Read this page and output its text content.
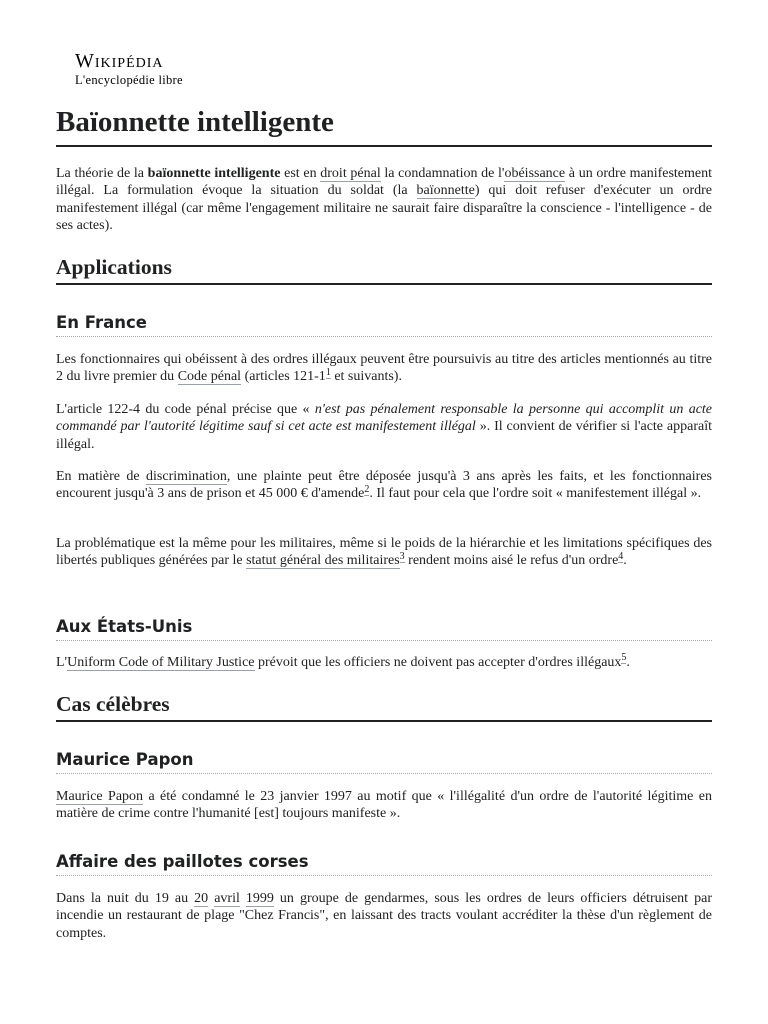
Wikipédia
L'encyclopédie libre
Baïonnette intelligente

La théorie de la baïonnette intelligente est en droit pénal la condamnation de l'obéissance à un ordre manifestement illégal. La formulation évoque la situation du soldat (la baïonnette) qui doit refuser d'exécuter un ordre manifestement illégal (car même l'engagement militaire ne saurait faire disparaître la conscience - l'intelligence - de ses actes).

Applications
En France

Les fonctionnaires qui obéissent à des ordres illégaux peuvent être poursuivis au titre des articles mentionnés au titre 2 du livre premier du Code pénal (articles $121-1^1$ et suivants).

L'article 122-4 du code pénal précise que « n'est pas pénalement responsable la personne qui accomplit un acte commandé par l'autorité légitime sauf si cet acte est manifestement illégal ». Il convient de vérifier si l'acte apparaît illégal.

En matière de discrimination, une plainte peut être déposée jusqu'à 3 ans après les faits, et les fonctionnaires encourent jusqu'à 3 ans de prison et 45 000 € d'amende$^2$. Il faut pour cela que l'ordre soit « manifestement illégal ».

La problématique est la même pour les militaires, même si le poids de la hiérarchie et les limitations spécifiques des libertés publiques générées par le statut général des militaires$^3$ rendent moins aisé le refus d'un ordre$^4$.

Aux États-Unis

L'Uniform Code of Military Justice prévoit que les officiers ne doivent pas accepter d'ordres illégaux$^5$.

Cas célèbres
Maurice Papon

Maurice Papon a été condamné le 23 janvier 1997 au motif que « l'illégalité d'un ordre de l'autorité légitime en matière de crime contre l'humanité [est] toujours manifeste ».

Affaire des paillotes corses

Dans la nuit du 19 au 20 avril 1999 un groupe de gendarmes, sous les ordres de leurs officiers détruisent par incendie un restaurant de plage "Chez Francis", en laissant des tracts voulant accréditer la thèse d'un règlement de comptes.
